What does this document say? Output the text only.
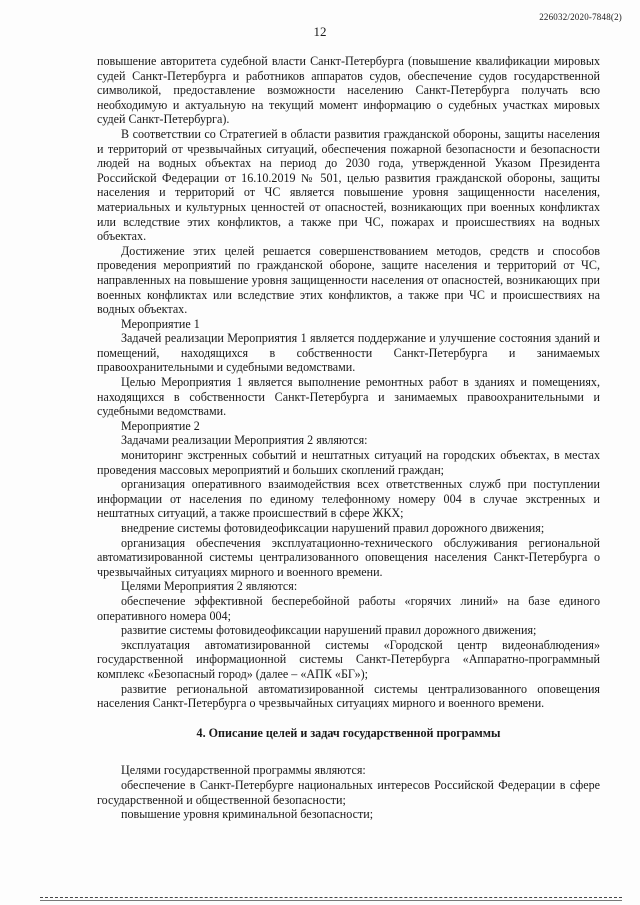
226032/2020-7848(2)
12

повышение авторитета судебной власти Санкт-Петербурга (повышение квалификации мировых судей Санкт-Петербурга и работников аппаратов судов, обеспечение судов государственной символикой, предоставление возможности населению Санкт-Петербурга получать всю необходимую и актуальную на текущий момент информацию о судебных участках мировых судей Санкт-Петербурга).

В соответствии со Стратегией в области развития гражданской обороны, защиты населения и территорий от чрезвычайных ситуаций, обеспечения пожарной безопасности и безопасности людей на водных объектах на период до 2030 года, утвержденной Указом Президента Российской Федерации от 16.10.2019 № 501, целью развития гражданской обороны, защиты населения и территорий от ЧС является повышение уровня защищенности населения, материальных и культурных ценностей от опасностей, возникающих при военных конфликтах или вследствие этих конфликтов, а также при ЧС, пожарах и происшествиях на водных объектах.

Достижение этих целей решается совершенствованием методов, средств и способов проведения мероприятий по гражданской обороне, защите населения и территорий от ЧС, направленных на повышение уровня защищенности населения от опасностей, возникающих при военных конфликтах или вследствие этих конфликтов, а также при ЧС и происшествиях на водных объектах.

Мероприятие 1

Задачей реализации Мероприятия 1 является поддержание и улучшение состояния зданий и помещений, находящихся в собственности Санкт-Петербурга и занимаемых правоохранительными и судебными ведомствами.

Целью Мероприятия 1 является выполнение ремонтных работ в зданиях и помещениях, находящихся в собственности Санкт-Петербурга и занимаемых правоохранительными и судебными ведомствами.

Мероприятие 2

Задачами реализации Мероприятия 2 являются:

мониторинг экстренных событий и нештатных ситуаций на городских объектах, в местах проведения массовых мероприятий и больших скоплений граждан;

организация оперативного взаимодействия всех ответственных служб при поступлении информации от населения по единому телефонному номеру 004 в случае экстренных и нештатных ситуаций, а также происшествий в сфере ЖКХ;

внедрение системы фотовидеофиксации нарушений правил дорожного движения;

организация обеспечения эксплуатационно-технического обслуживания региональной автоматизированной системы централизованного оповещения населения Санкт-Петербурга о чрезвычайных ситуациях мирного и военного времени.

Целями Мероприятия 2 являются:

обеспечение эффективной бесперебойной работы «горячих линий» на базе единого оперативного номера 004;

развитие системы фотовидеофиксации нарушений правил дорожного движения;

эксплуатация автоматизированной системы «Городской центр видеонаблюдения» государственной информационной системы Санкт-Петербурга «Аппаратно-программный комплекс «Безопасный город» (далее – «АПК «БГ»);

развитие региональной автоматизированной системы централизованного оповещения населения Санкт-Петербурга о чрезвычайных ситуациях мирного и военного времени.

4. Описание целей и задач государственной программы

Целями государственной программы являются:

обеспечение в Санкт-Петербурге национальных интересов Российской Федерации в сфере государственной и общественной безопасности;

повышение уровня криминальной безопасности;
